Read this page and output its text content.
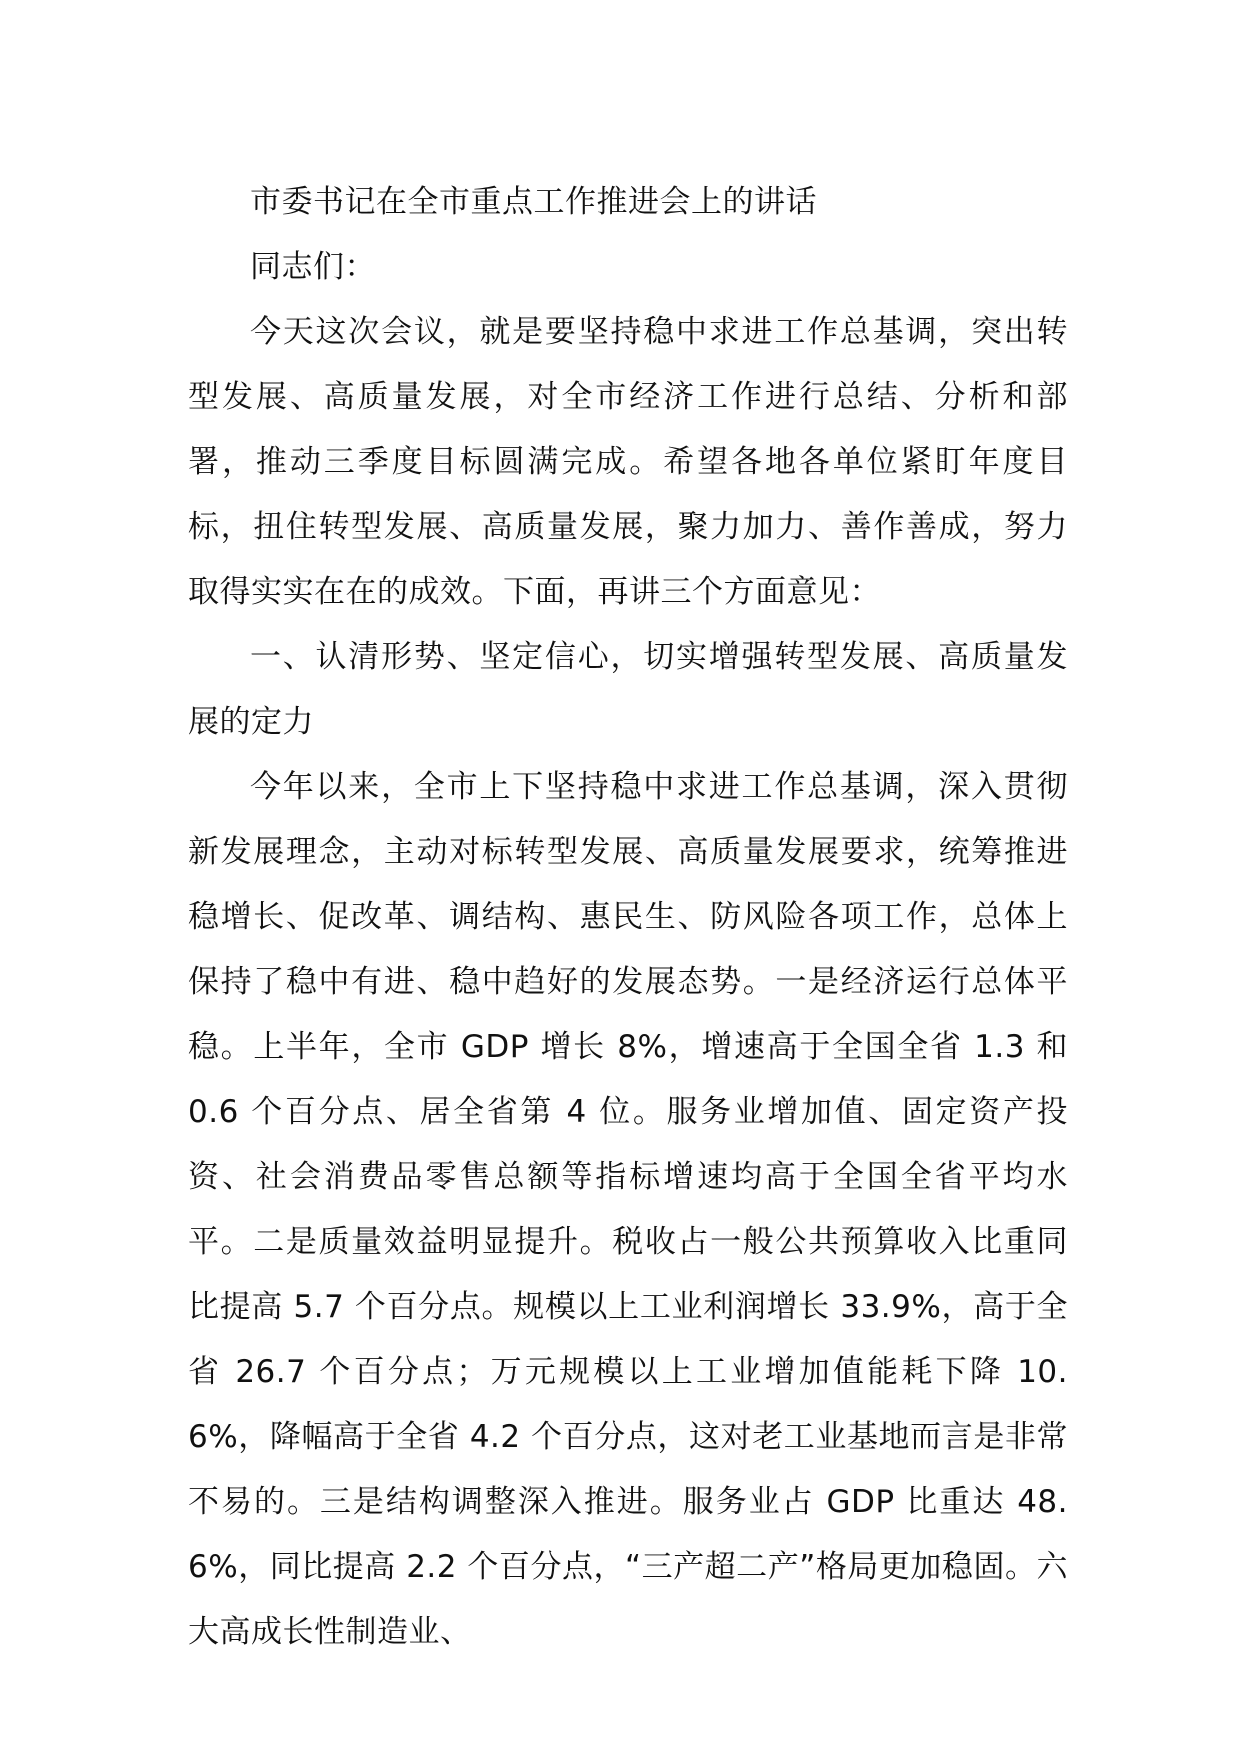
市委书记在全市重点工作推进会上的讲话

同志们：

今天这次会议，就是要坚持稳中求进工作总基调，突出转型发展、高质量发展，对全市经济工作进行总结、分析和部署，推动三季度目标圆满完成。希望各地各单位紧盯年度目标，扭住转型发展、高质量发展，聚力加力、善作善成，努力取得实实在在的成效。下面，再讲三个方面意见：

一、认清形势、坚定信心，切实增强转型发展、高质量发展的定力

今年以来，全市上下坚持稳中求进工作总基调，深入贯彻新发展理念，主动对标转型发展、高质量发展要求，统筹推进稳增长、促改革、调结构、惠民生、防风险各项工作，总体上保持了稳中有进、稳中趋好的发展态势。一是经济运行总体平稳。上半年，全市 GDP 增长 8%，增速高于全国全省 1.3 和 0.6 个百分点、居全省第 4 位。服务业增加值、固定资产投资、社会消费品零售总额等指标增速均高于全国全省平均水平。二是质量效益明显提升。税收占一般公共预算收入比重同比提高 5.7 个百分点。规模以上工业利润增长 33.9%，高于全省 26.7 个百分点；万元规模以上工业增加值能耗下降 10.6%，降幅高于全省 4.2 个百分点，这对老工业基地而言是非常不易的。三是结构调整深入推进。服务业占 GDP 比重达 48.6%，同比提高 2.2 个百分点，“三产超二产”格局更加稳固。六大高成长性制造业、
